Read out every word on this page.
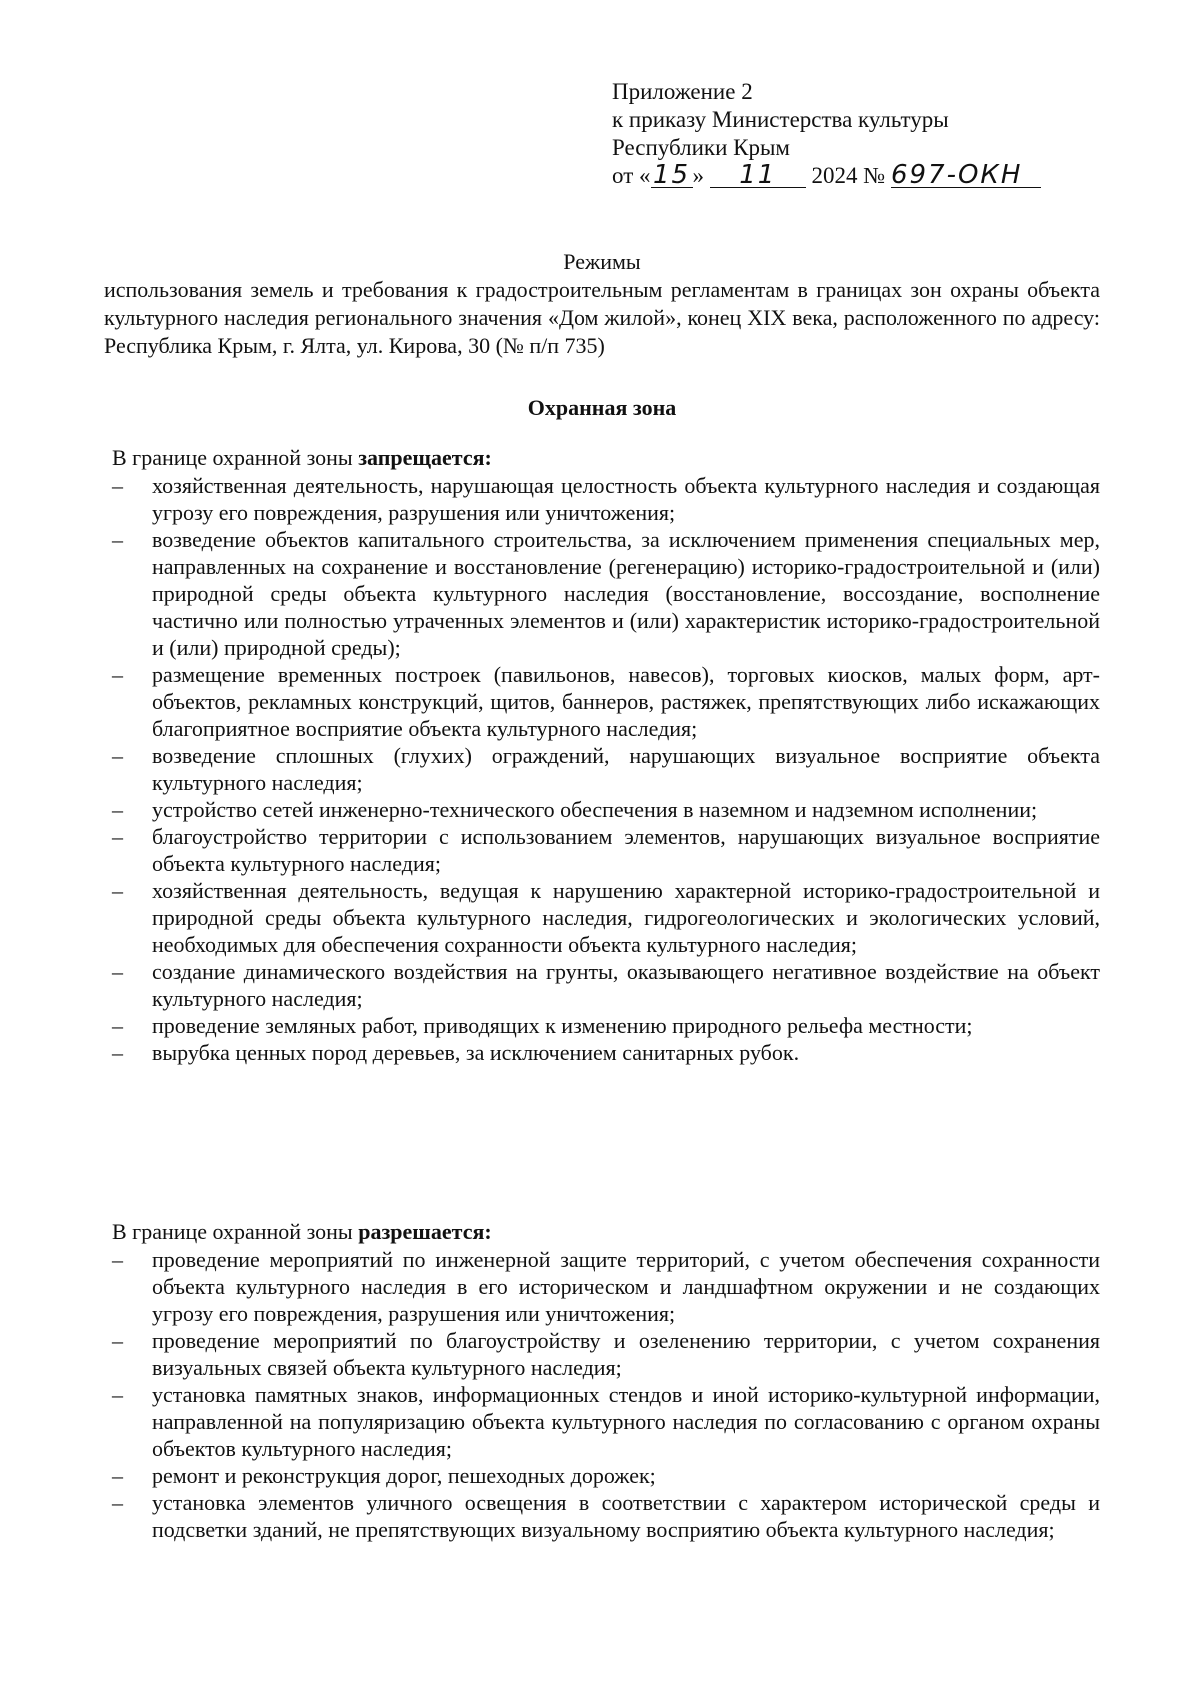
Приложение 2
к приказу Министерства культуры
Республики Крым
от «15 » 11 2024 № 697-ОКН
Режимы
использования земель и требования к градостроительным регламентам в границах зон охраны объекта культурного наследия регионального значения «Дом жилой», конец XIX века, расположенного по адресу: Республика Крым, г. Ялта, ул. Кирова, 30 (№ п/п 735)
Охранная зона
В границе охранной зоны запрещается:
– хозяйственная деятельность, нарушающая целостность объекта культурного наследия и создающая угрозу его повреждения, разрушения или уничтожения;
– возведение объектов капитального строительства, за исключением применения специальных мер, направленных на сохранение и восстановление (регенерацию) историко-градостроительной и (или) природной среды объекта культурного наследия (восстановление, воссоздание, восполнение частично или полностью утраченных элементов и (или) характеристик историко-градостроительной и (или) природной среды);
– размещение временных построек (павильонов, навесов), торговых киосков, малых форм, арт-объектов, рекламных конструкций, щитов, баннеров, растяжек, препятствующих либо искажающих благоприятное восприятие объекта культурного наследия;
– возведение сплошных (глухих) ограждений, нарушающих визуальное восприятие объекта культурного наследия;
– устройство сетей инженерно-технического обеспечения в наземном и надземном исполнении;
– благоустройство территории с использованием элементов, нарушающих визуальное восприятие объекта культурного наследия;
– хозяйственная деятельность, ведущая к нарушению характерной историко-градостроительной и природной среды объекта культурного наследия, гидрогеологических и экологических условий, необходимых для обеспечения сохранности объекта культурного наследия;
– создание динамического воздействия на грунты, оказывающего негативное воздействие на объект культурного наследия;
– проведение земляных работ, приводящих к изменению природного рельефа местности;
– вырубка ценных пород деревьев, за исключением санитарных рубок.
В границе охранной зоны разрешается:
– проведение мероприятий по инженерной защите территорий, с учетом обеспечения сохранности объекта культурного наследия в его историческом и ландшафтном окружении и не создающих угрозу его повреждения, разрушения или уничтожения;
– проведение мероприятий по благоустройству и озеленению территории, с учетом сохранения визуальных связей объекта культурного наследия;
– установка памятных знаков, информационных стендов и иной историко-культурной информации, направленной на популяризацию объекта культурного наследия по согласованию с органом охраны объектов культурного наследия;
– ремонт и реконструкция дорог, пешеходных дорожек;
– установка элементов уличного освещения в соответствии с характером исторической среды и подсветки зданий, не препятствующих визуальному восприятию объекта культурного наследия;
